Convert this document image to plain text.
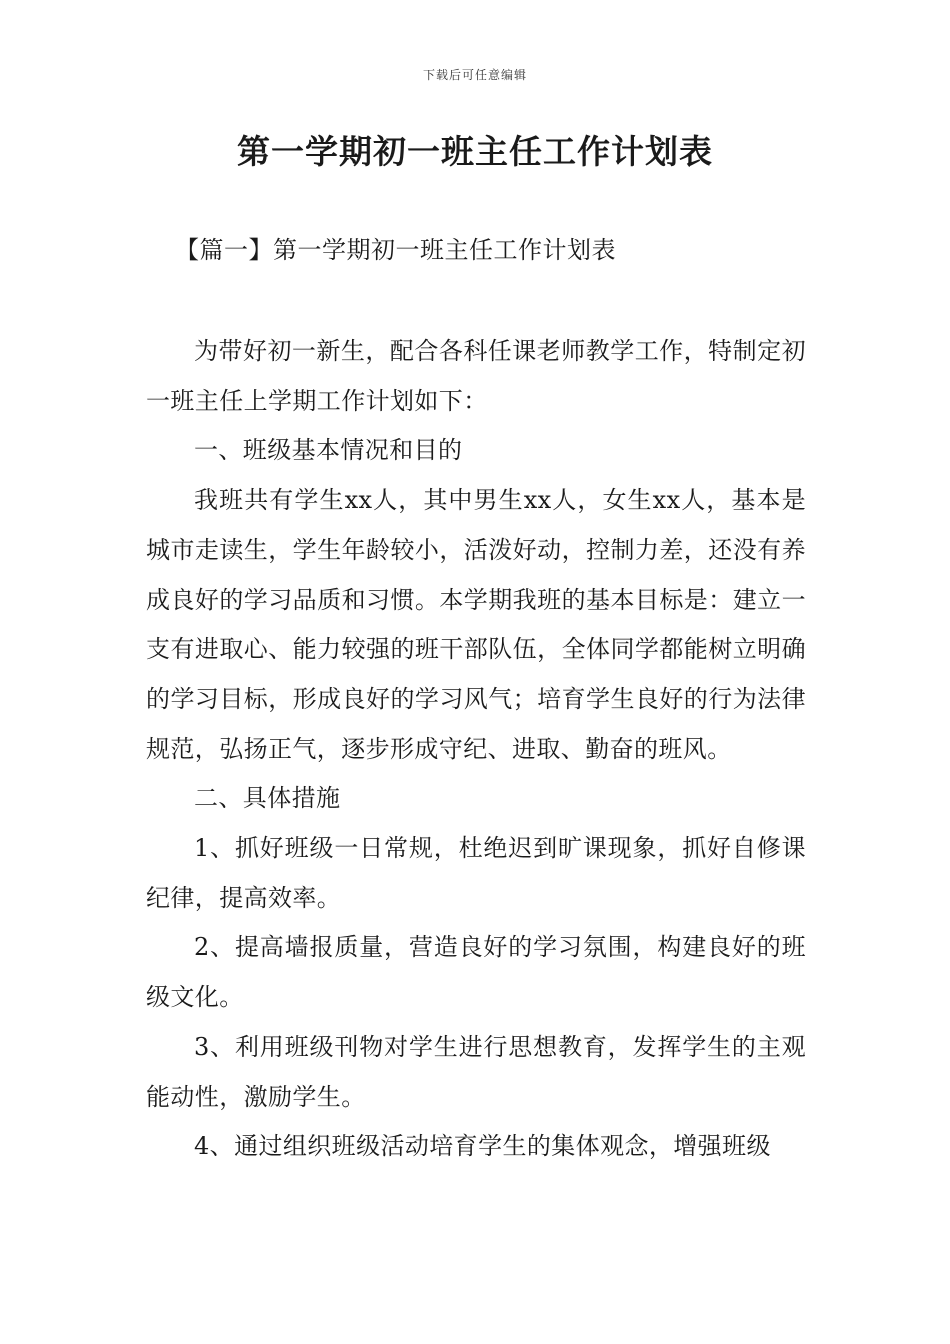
下载后可任意编辑
第一学期初一班主任工作计划表
【篇一】第一学期初一班主任工作计划表

为带好初一新生，配合各科任课老师教学工作，特制定初一班主任上学期工作计划如下：

一、班级基本情况和目的

我班共有学生xx人，其中男生xx人，女生xx人，基本是城市走读生，学生年龄较小，活泼好动，控制力差，还没有养成良好的学习品质和习惯。本学期我班的基本目标是：建立一支有进取心、能力较强的班干部队伍，全体同学都能树立明确的学习目标，形成良好的学习风气；培育学生良好的行为法律规范，弘扬正气，逐步形成守纪、进取、勤奋的班风。

二、具体措施

1、抓好班级一日常规，杜绝迟到旷课现象，抓好自修课纪律，提高效率。

2、提高墙报质量，营造良好的学习氛围，构建良好的班级文化。

3、利用班级刊物对学生进行思想教育，发挥学生的主观能动性，激励学生。

4、通过组织班级活动培育学生的集体观念，增强班级
